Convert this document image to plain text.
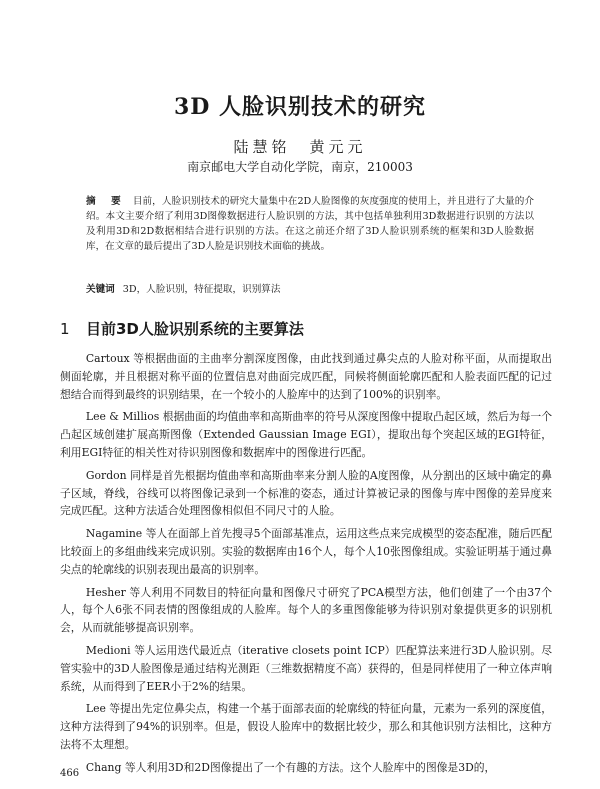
3D 人脸识别技术的研究
陆慧铭　黄元元
南京邮电大学自动化学院，南京，210003
摘 要 目前，人脸识别技术的研究大量集中在2D人脸图像的灰度强度的使用上，并且进行了大量的介绍。本文主要介绍了利用3D图像数据进行人脸识别的方法，其中包括单独利用3D数据进行识别的方法以及利用3D和2D数据相结合进行识别的方法。在这之前还介绍了3D人脸识别系统的框架和3D人脸数据库，在文章的最后提出了3D人脸是识别技术面临的挑战。
关键词 3D，人脸识别，特征提取，识别算法
1 目前3D人脸识别系统的主要算法

Cartoux 等根据曲面的主曲率分割深度图像，由此找到通过鼻尖点的人脸对称平面，从而提取出侧面轮廓，并且根据对称平面的位置信息对曲面完成匹配，同候将侧面轮廓匹配和人脸表面匹配的记过想结合而得到最终的识别结果，在一个较小的人脸库中的达到了100%的识别率。

Lee & Millios 根据曲面的均值曲率和高斯曲率的符号从深度图像中提取凸起区域，然后为每一个凸起区域创建扩展高斯图像（Extended Gaussian Image EGI），提取出每个突起区域的EGI特征，利用EGI特征的相关性对待识别图像和数据库中的图像进行匹配。

Gordon 同样是首先根据均值曲率和高斯曲率来分割人脸的A度图像，从分割出的区域中确定的鼻子区域，脊线，谷线可以将图像记录到一个标准的姿态，通过计算被记录的图像与库中图像的差异度来完成匹配。这种方法适合处理图像相似但不同尺寸的人脸。

Nagamine 等人在面部上首先搜寻5个面部基准点，运用这些点来完成模型的姿态配准，随后匹配比较面上的多组曲线来完成识别。实验的数据库由16个人，每个人10张图像组成。实验证明基于通过鼻尖点的轮廓线的识别表现出最高的识别率。

Hesher 等人利用不同数目的特征向量和图像尺寸研究了PCA模型方法，他们创建了一个由37个人，每个人6张不同表情的图像组成的人脸库。每个人的多重图像能够为待识别对象提供更多的识别机会，从而就能够提高识别率。

Medioni 等人运用迭代最近点（iterative closets point ICP）匹配算法来进行3D人脸识别。尽管实验中的3D人脸图像是通过结构光测距（三维数据精度不高）获得的，但是同样使用了一种立体声响系统，从而得到了EER小于2%的结果。

Lee 等提出先定位鼻尖点，构建一个基于面部表面的轮廓线的特征向量，元素为一系列的深度值，这种方法得到了94%的识别率。但是，假设人脸库中的数据比较少，那么和其他识别方法相比，这种方法将不太理想。

Chang 等人利用3D和2D图像提出了一个有趣的方法。这个人脸库中的图像是3D的，

466
